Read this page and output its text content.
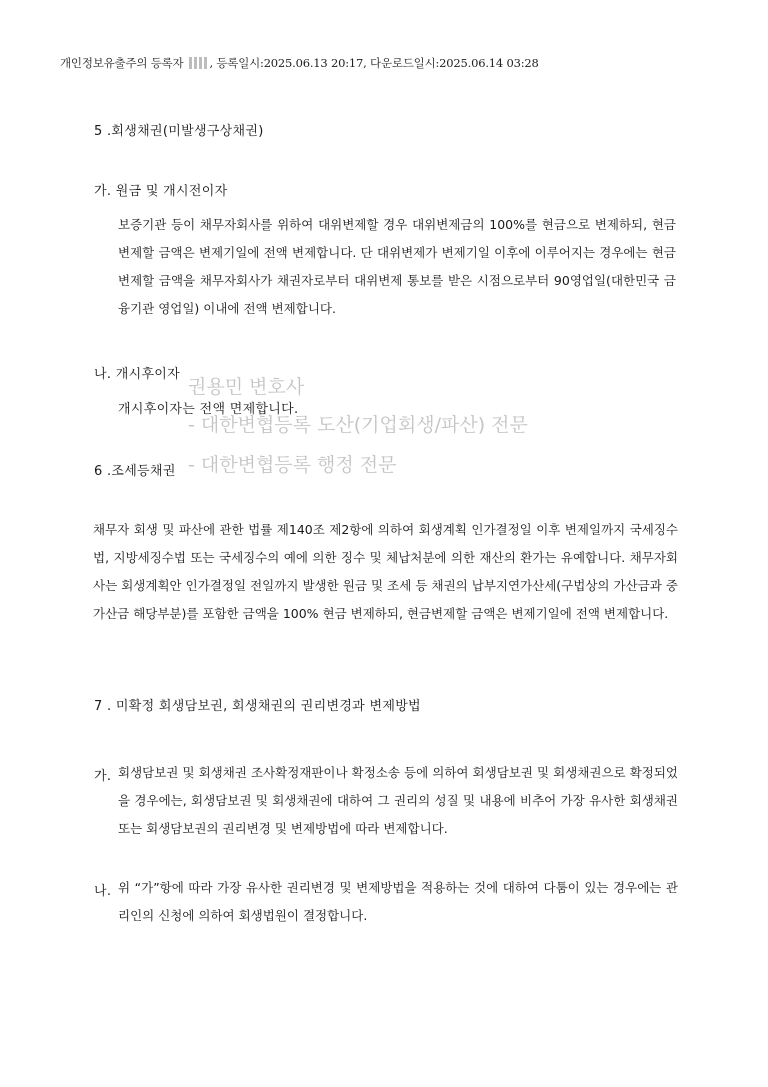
권용민 변호사
- 대한변협등록 도산(기업회생/파산) 전문
- 대한변협등록 행정 전문
개인정보유출주의 등록자 , 등록일시:2025.06.13 20:17, 다운로드일시:2025.06.14 03:28
5 .회생채권(미발생구상채권)
가. 원금 및 개시전이자
보증기관 등이 채무자회사를 위하여 대위변제할 경우 대위변제금의 100%를 현금으로 변제하되, 현금변제할 금액은 변제기일에 전액 변제합니다. 단 대위변제가 변제기일 이후에 이루어지는 경우에는 현금변제할 금액을 채무자회사가 채권자로부터 대위변제 통보를 받은 시점으로부터 90영업일(대한민국 금융기관 영업일) 이내에 전액 변제합니다.
나. 개시후이자
개시후이자는 전액 면제합니다.
6 .조세등채권
채무자 회생 및 파산에 관한 법률 제140조 제2항에 의하여 회생계획 인가결정일 이후 변제일까지 국세징수법, 지방세징수법 또는 국세징수의 예에 의한 징수 및 체납처분에 의한 재산의 환가는 유예합니다. 채무자회사는 회생계획안 인가결정일 전일까지 발생한 원금 및 조세 등 채권의 납부지연가산세(구법상의 가산금과 중가산금 해당부분)를 포함한 금액을 100% 현금 변제하되, 현금변제할 금액은 변제기일에 전액 변제합니다.
7 . 미확정 회생담보권, 회생채권의 권리변경과 변제방법
가. 회생담보권 및 회생채권 조사확정재판이나 확정소송 등에 의하여 회생담보권 및 회생채권으로 확정되었을 경우에는, 회생담보권 및 회생채권에 대하여 그 권리의 성질 및 내용에 비추어 가장 유사한 회생채권 또는 회생담보권의 권리변경 및 변제방법에 따라 변제합니다.
나. 위 “가”항에 따라 가장 유사한 권리변경 및 변제방법을 적용하는 것에 대하여 다툼이 있는 경우에는 관리인의 신청에 의하여 회생법원이 결정합니다.
